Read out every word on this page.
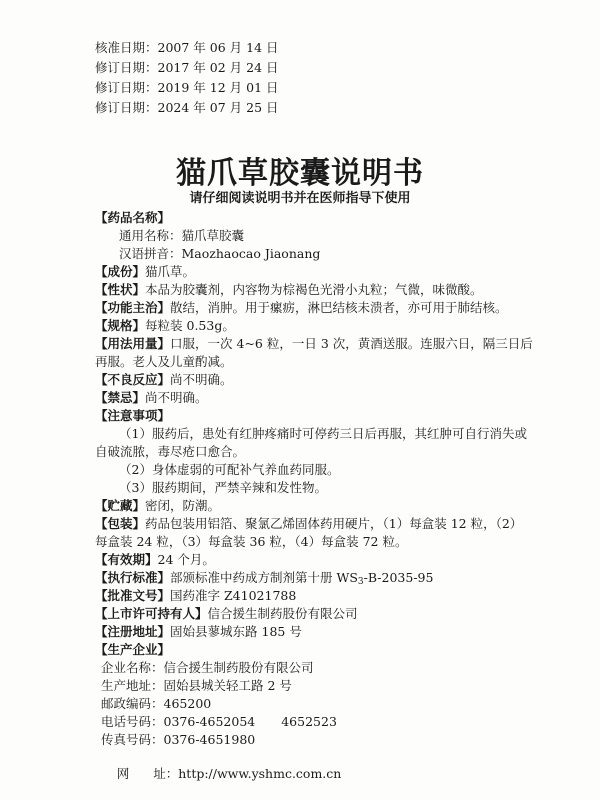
核准日期：2007 年 06 月 14 日
修订日期：2017 年 02 月 24 日
修订日期：2019 年 12 月 01 日
修订日期：2024 年 07 月 25 日
猫爪草胶囊说明书
请仔细阅读说明书并在医师指导下使用
【药品名称】
通用名称：猫爪草胶囊
汉语拼音：Maozhaocao Jiaonang
【成份】猫爪草。
【性状】本品为胶囊剂，内容物为棕褐色光滑小丸粒；气微，味微酸。
【功能主治】散结，消肿。用于瘰疬，淋巴结核未溃者，亦可用于肺结核。
【规格】每粒装 0.53g。
【用法用量】口服，一次 4~6 粒，一日 3 次，黄酒送服。连服六日，隔三日后
再服。老人及儿童酌减。
【不良反应】尚不明确。
【禁忌】尚不明确。
【注意事项】
（1）服药后，患处有红肿疼痛时可停药三日后再服，其红肿可自行消失或
自破流脓，毒尽疮口愈合。
（2）身体虚弱的可配补气养血药同服。
（3）服药期间，严禁辛辣和发性物。
【贮藏】密闭，防潮。
【包装】药品包装用铝箔、聚氯乙烯固体药用硬片，（1）每盒装 12 粒，（2）
每盒装 24 粒，（3）每盒装 36 粒，（4）每盒装 72 粒。
【有效期】24 个月。
【执行标准】部颁标准中药成方制剂第十册 $WS_3-B-2035-95$
【批准文号】国药准字 Z41021788
【上市许可持有人】信合援生制药股份有限公司
【注册地址】固始县蓼城东路 185 号
【生产企业】
企业名称：信合援生制药股份有限公司
生产地址：固始县城关轻工路 2 号
邮政编码：465200
电话号码：0376-4652054 4652523
传真号码：0376-4651980

网      址：http://www.yshmc.com.cn
